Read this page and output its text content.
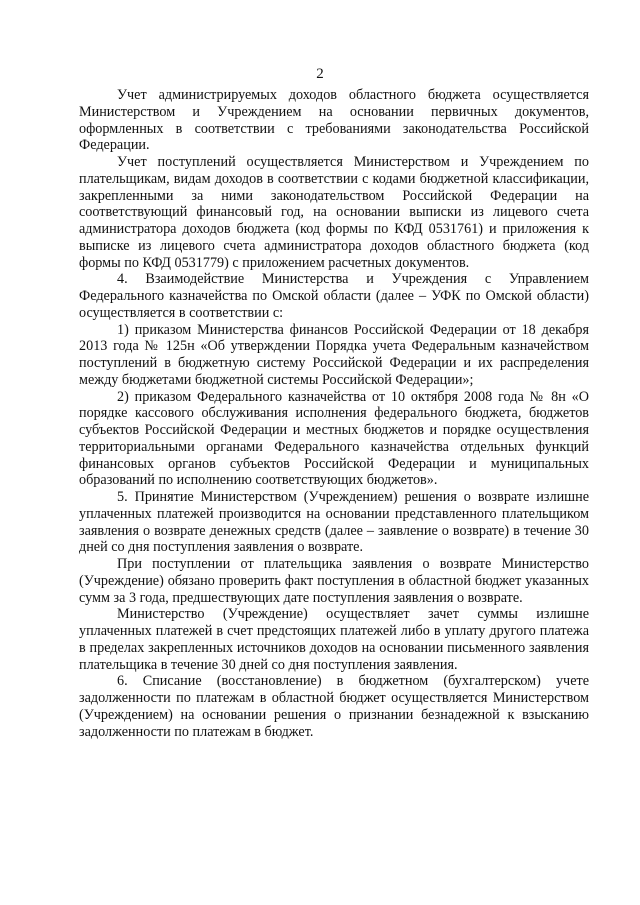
2

Учет администрируемых доходов областного бюджета осуществляется Министерством и Учреждением на основании первичных документов, оформленных в соответствии с требованиями законодательства Российской Федерации.

Учет поступлений осуществляется Министерством и Учреждением по плательщикам, видам доходов в соответствии с кодами бюджетной классификации, закрепленными за ними законодательством Российской Федерации на соответствующий финансовый год, на основании выписки из лицевого счета администратора доходов бюджета (код формы по КФД 0531761) и приложения к выписке из лицевого счета администратора доходов областного бюджета (код формы по КФД 0531779) с приложением расчетных документов.

4. Взаимодействие Министерства и Учреждения с Управлением Федерального казначейства по Омской области (далее – УФК по Омской области) осуществляется в соответствии с:

1) приказом Министерства финансов Российской Федерации от 18 декабря 2013 года № 125н «Об утверждении Порядка учета Федеральным казначейством поступлений в бюджетную систему Российской Федерации и их распределения между бюджетами бюджетной системы Российской Федерации»;

2) приказом Федерального казначейства от 10 октября 2008 года № 8н «О порядке кассового обслуживания исполнения федерального бюджета, бюджетов субъектов Российской Федерации и местных бюджетов и порядке осуществления территориальными органами Федерального казначейства отдельных функций финансовых органов субъектов Российской Федерации и муниципальных образований по исполнению соответствующих бюджетов».

5. Принятие Министерством (Учреждением) решения о возврате излишне уплаченных платежей производится на основании представленного плательщиком заявления о возврате денежных средств (далее – заявление о возврате) в течение 30 дней со дня поступления заявления о возврате.

При поступлении от плательщика заявления о возврате Министерство (Учреждение) обязано проверить факт поступления в областной бюджет указанных сумм за 3 года, предшествующих дате поступления заявления о возврате.

Министерство (Учреждение) осуществляет зачет суммы излишне уплаченных платежей в счет предстоящих платежей либо в уплату другого платежа в пределах закрепленных источников доходов на основании письменного заявления плательщика в течение 30 дней со дня поступления заявления.

6. Списание (восстановление) в бюджетном (бухгалтерском) учете задолженности по платежам в областной бюджет осуществляется Министерством (Учреждением) на основании решения о признании безнадежной к взысканию задолженности по платежам в бюджет.
